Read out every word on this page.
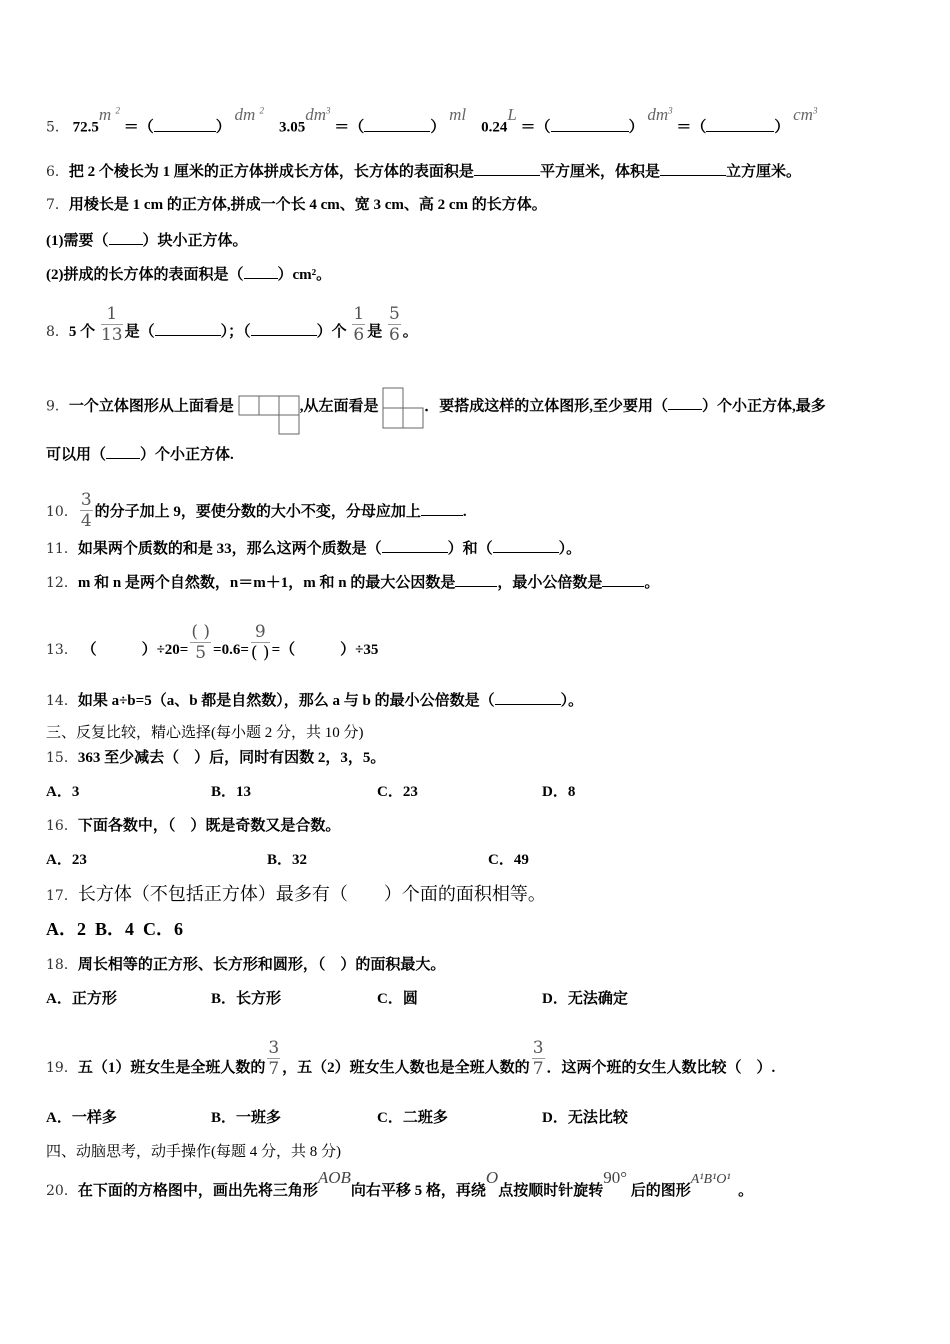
5． 72.5m $^2$ ＝（	） dm $^2$    $3.05dm^3$ ＝（	） ml    0.24L ＝（	） $dm^3$ ＝（	） $cm^3$
6．把 2 个棱长为 1 厘米的正方体拼成长方体，长方体的表面积是	平方厘米，体积是	立方厘米。
7．用棱长是 1 cm 的正方体,拼成一个长 4 cm、宽 3 cm、高 2 cm 的长方体。
(1)需要（ ）块小正方体。
(2)拼成的长方体的表面积是（ ）cm²。
8．5 个 $\frac{1}{13}$ 是（	）；（	）个 $\frac{1}{6}$ 是 $\frac{5}{6}$ 。
9．一个立体图形从上面看是	,从左面看是	．要搭成这样的立体图形,至少要用（ ）个小正方体,最多
可以用（ ）个小正方体.
10． $\frac{3}{4}$ 的分子加上 9，要使分数的大小不变，分母应加上	.
11．如果两个质数的和是 33，那么这两个质数是（	）和（	）。
12．m 和 n 是两个自然数，n＝m＋1，m 和 n 的最大公因数是	，最小公倍数是	。
13． （　　　）$\div 20= \frac{( )}{5} =0.6= \frac{9}{( )}$ =（　　　）÷35
14．如果 a÷b=5（a、b 都是自然数），那么 a 与 b 的最小公倍数是（	）。
三、反复比较，精心选择(每小题 2 分，共 10 分)
15．363 至少减去（　）后，同时有因数 2，3，5。
A．3	B．13	C．23	D．8
16．下面各数中，（　）既是奇数又是合数。
A．23	B．32	C．49
17．长方体（不包括正方体）最多有（　　）个面的面积相等。
A．2 B．4 C．6
18．周长相等的正方形、长方形和圆形，（　）的面积最大。
A．正方形	B．长方形	C．圆	D．无法确定
19．五（1）班女生是全班人数的 $\frac{3}{7}$ ，五（2）班女生人数也是全班人数的 $\frac{3}{7}$ ．这两个班的女生人数比较（　）.
A．一样多	B．一班多	C．二班多	D．无法比较
四、动脑思考，动手操作(每题 4 分，共 8 分)
20．在下面的方格图中，画出先将三角形AOB向右平移 5 格，再绕O点按顺时针旋转90° 后的图形A¹B¹O¹  。
